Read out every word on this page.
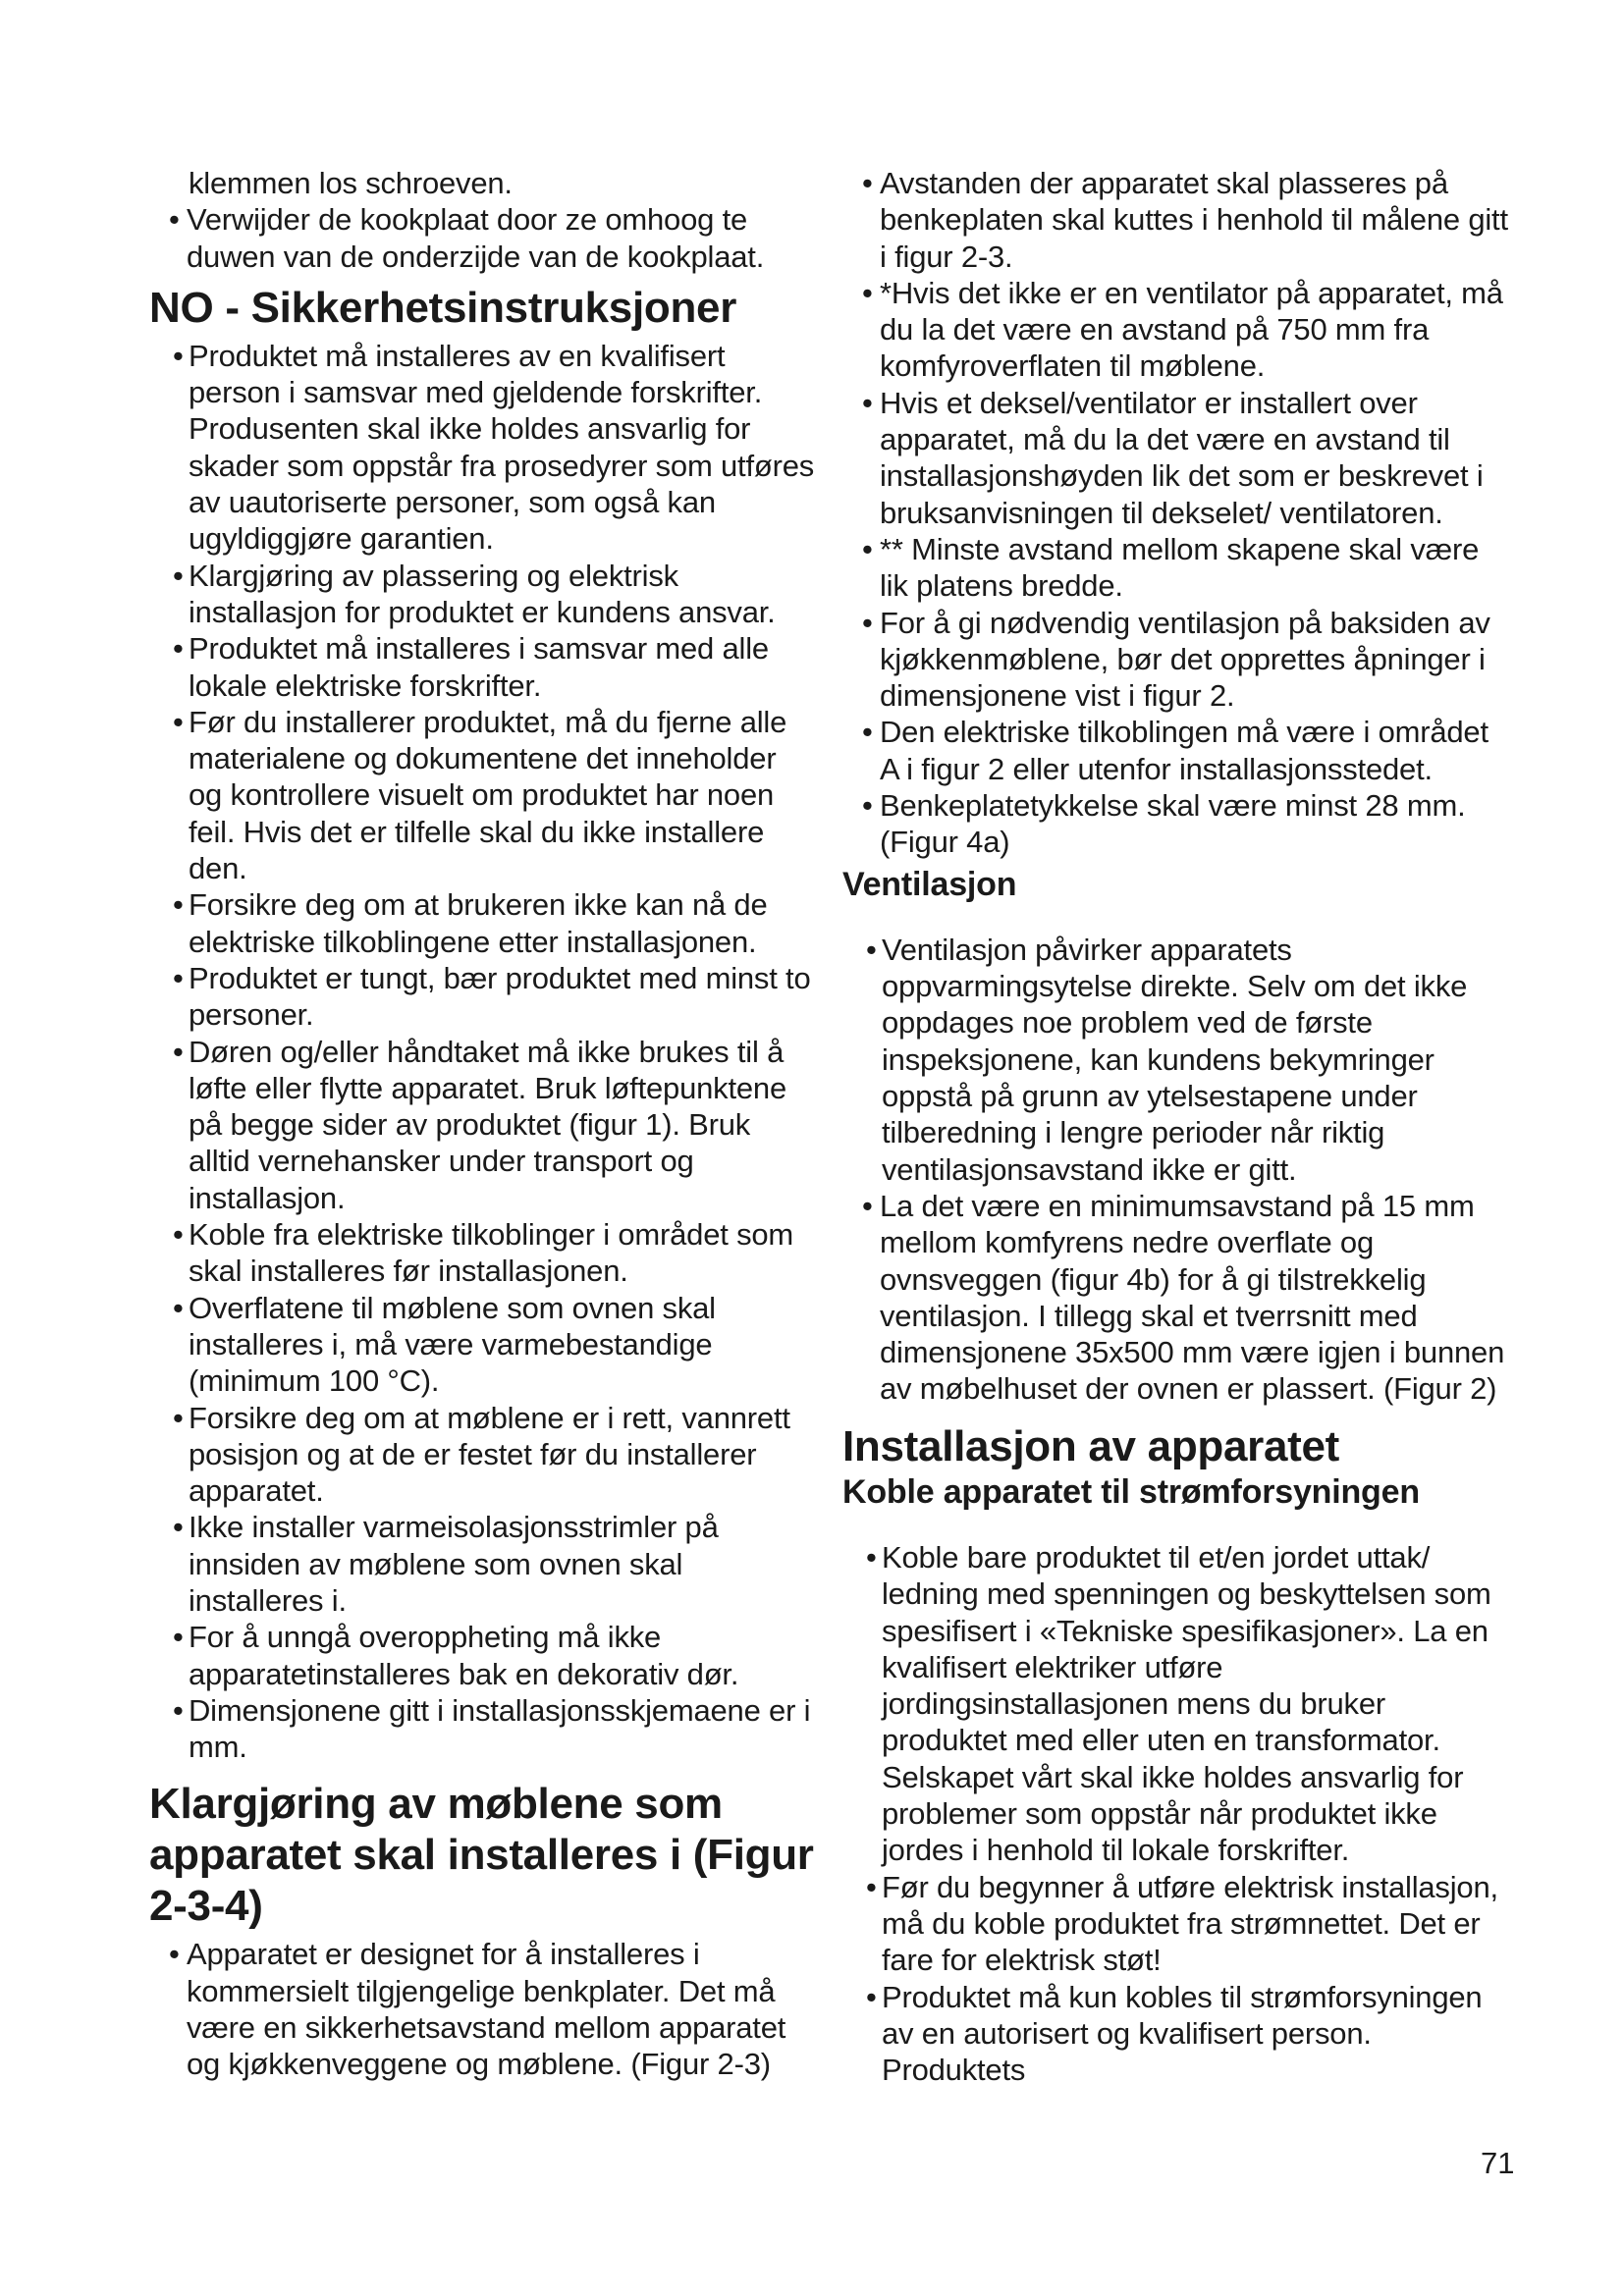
klemmen los schroeven.

• Verwijder de kookplaat door ze omhoog te duwen van de onderzijde van de kookplaat.

NO - Sikkerhetsinstruksjoner

• Produktet må installeres av en kvalifisert person i samsvar med gjeldende forskrifter. Produsenten skal ikke holdes ansvarlig for skader som oppstår fra prosedyrer som utføres av uautoriserte personer, som også kan ugyldiggjøre garantien.

• Klargjøring av plassering og elektrisk installasjon for produktet er kundens ansvar.

• Produktet må installeres i samsvar med alle lokale elektriske forskrifter.

• Før du installerer produktet, må du fjerne alle materialene og dokumentene det inneholder og kontrollere visuelt om produktet har noen feil. Hvis det er tilfelle skal du ikke installere den.

• Forsikre deg om at brukeren ikke kan nå de elektriske tilkoblingene etter installasjonen.

• Produktet er tungt, bær produktet med minst to personer.

• Døren og/eller håndtaket må ikke brukes til å løfte eller flytte apparatet. Bruk løftepunktene på begge sider av produktet (figur 1). Bruk alltid vernehansker under transport og installasjon.

• Koble fra elektriske tilkoblinger i området som skal installeres før installasjonen.

• Overflatene til møblene som ovnen skal installeres i, må være varmebestandige (minimum 100 °C).

• Forsikre deg om at møblene er i rett, vannrett posisjon og at de er festet før du installerer apparatet.

• Ikke installer varmeisolasjonsstrimler på innsiden av møblene som ovnen skal installeres i.

• For å unngå overoppheting må ikke apparatetinstalleres bak en dekorativ dør.

• Dimensjonene gitt i installasjonsskjemaene er i mm.

Klargjøring av møblene som apparatet skal installeres i (Figur 2-3-4)

• Apparatet er designet for å installeres i kommersielt tilgjengelige benkplater. Det må være en sikkerhetsavstand mellom apparatet og kjøkkenveggene og møblene. (Figur 2-3)

• Avstanden der apparatet skal plasseres på benkeplaten skal kuttes i henhold til målene gitt i figur 2-3.

• *Hvis det ikke er en ventilator på apparatet, må du la det være en avstand på 750 mm fra komfyroverflaten til møblene.

• Hvis et deksel/ventilator er installert over apparatet, må du la det være en avstand til installasjonshøyden lik det som er beskrevet i bruksanvisningen til dekselet/ ventilatoren.

• ** Minste avstand mellom skapene skal være lik platens bredde.

• For å gi nødvendig ventilasjon på baksiden av kjøkkenmøblene, bør det opprettes åpninger i dimensjonene vist i figur 2.

• Den elektriske tilkoblingen må være i området A i figur 2 eller utenfor installasjonsstedet.

• Benkeplatetykkelse skal være minst 28 mm. (Figur 4a)

Ventilasjon

• Ventilasjon påvirker apparatets oppvarmingsytelse direkte. Selv om det ikke oppdages noe problem ved de første inspeksjonene, kan kundens bekymringer oppstå på grunn av ytelsestapene under tilberedning i lengre perioder når riktig ventilasjonsavstand ikke er gitt.

• La det være en minimumsavstand på 15 mm mellom komfyrens nedre overflate og ovnsveggen (figur 4b) for å gi tilstrekkelig ventilasjon. I tillegg skal et tverrsnitt med dimensjonene 35x500 mm være igjen i bunnen av møbelhuset der ovnen er plassert. (Figur 2)

Installasjon av apparatet
Koble apparatet til strømforsyningen

• Koble bare produktet til et/en jordet uttak/ ledning med spenningen og beskyttelsen som spesifisert i «Tekniske spesifikasjoner». La en kvalifisert elektriker utføre jordingsinstallasjonen mens du bruker produktet med eller uten en transformator. Selskapet vårt skal ikke holdes ansvarlig for problemer som oppstår når produktet ikke jordes i henhold til lokale forskrifter.

• Før du begynner å utføre elektrisk installasjon, må du koble produktet fra strømnettet. Det er fare for elektrisk støt!

• Produktet må kun kobles til strømforsyningen av en autorisert og kvalifisert person. Produktets

71
